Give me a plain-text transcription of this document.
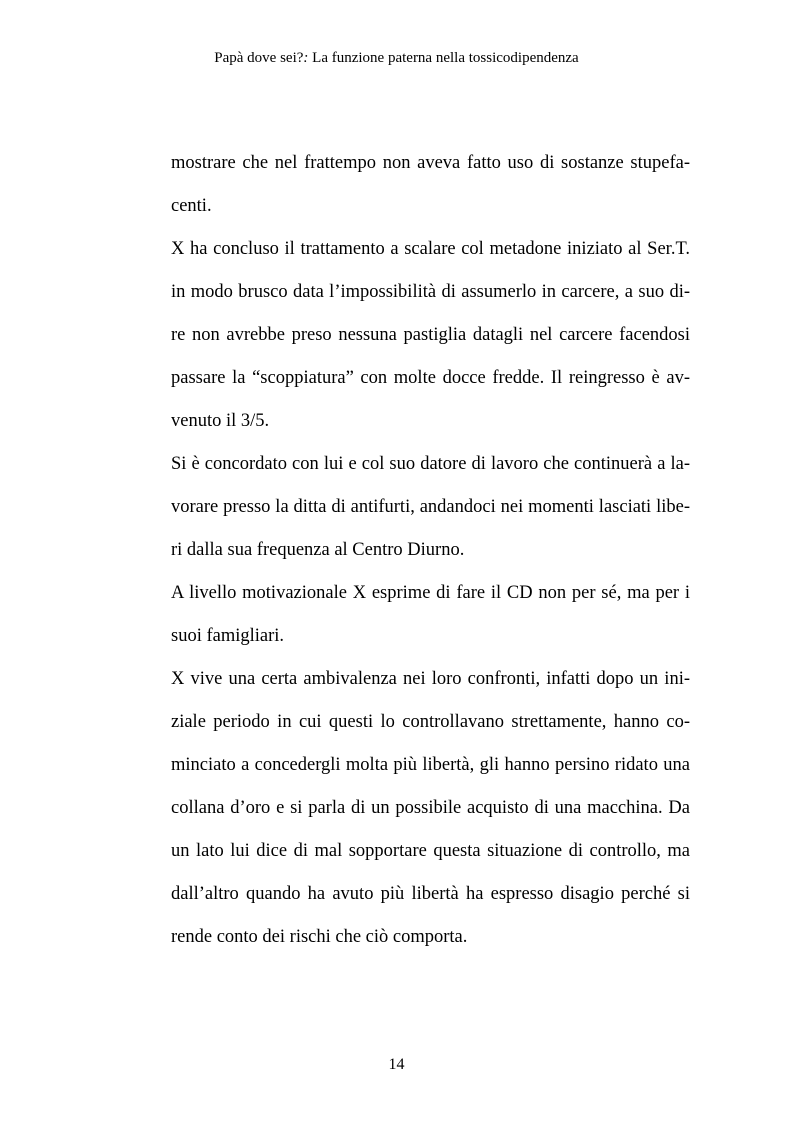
Papà dove sei?: La funzione paterna nella tossicodipendenza
mostrare che nel frattempo non aveva fatto uso di sostanze stupefa-
centi.
X ha concluso il trattamento a scalare col metadone iniziato al Ser.T.
in modo brusco data l’impossibilità di assumerlo in carcere, a suo di-
re non avrebbe preso nessuna pastiglia datagli nel carcere facendosi
passare la “scoppiatura” con molte docce fredde. Il reingresso è av-
venuto il 3/5.
Si è concordato con lui e col suo datore di lavoro che continuerà a la-
vorare presso la ditta di antifurti, andandoci nei momenti lasciati libe-
ri dalla sua frequenza al Centro Diurno.
A livello motivazionale X esprime di fare il CD non per sé, ma per i
suoi famigliari.
X vive una certa ambivalenza nei loro confronti, infatti dopo un ini-
ziale periodo in cui questi lo controllavano strettamente, hanno co-
minciato a concedergli molta più libertà, gli hanno persino ridato una
collana d’oro e si parla di un possibile acquisto di una macchina. Da
un lato lui dice di mal sopportare questa situazione di controllo, ma
dall’altro quando ha avuto più libertà ha espresso disagio perché si
rende conto dei rischi che ciò comporta.
14
